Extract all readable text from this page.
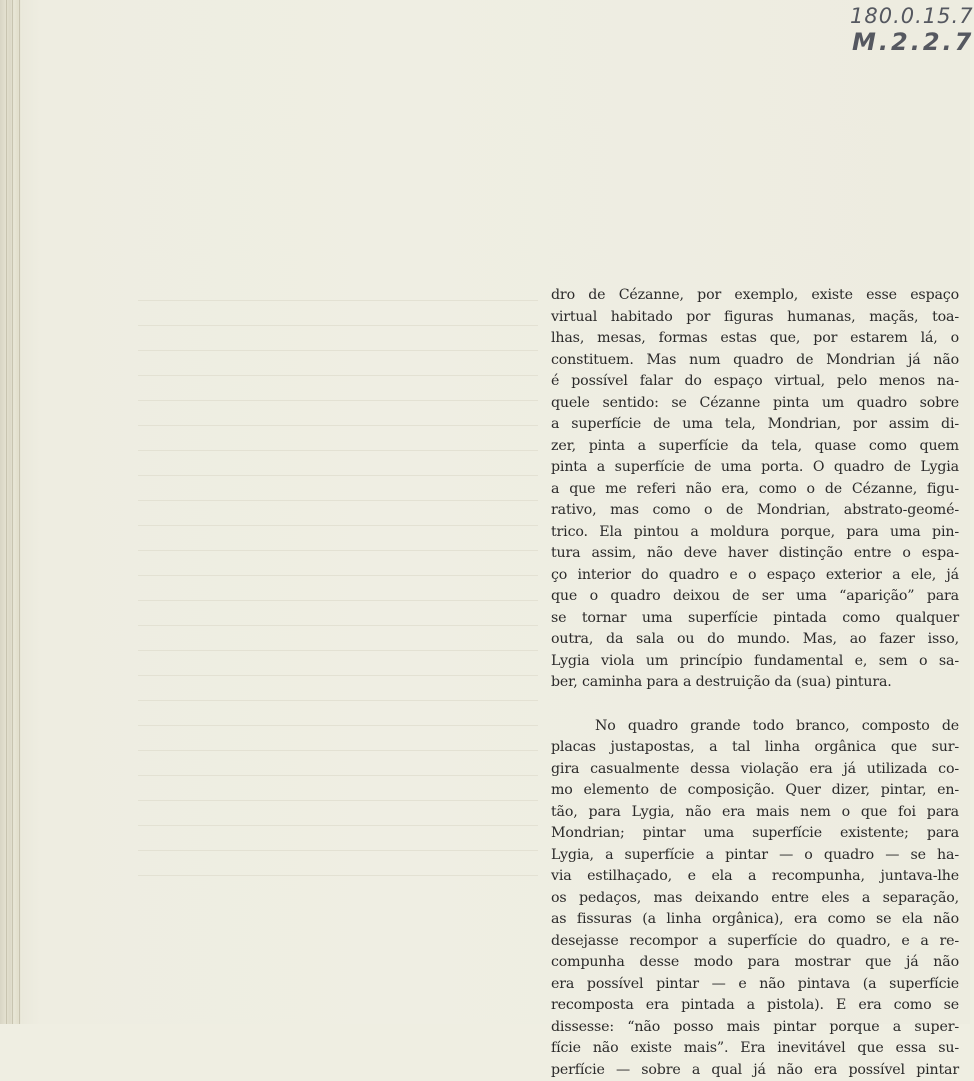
180.0.15.7
M.2.2.7
dro de Cézanne, por exemplo, existe esse espaço
virtual habitado por figuras humanas, maçãs, toa-
lhas, mesas, formas estas que, por estarem lá, o
constituem. Mas num quadro de Mondrian já não
é possível falar do espaço virtual, pelo menos na-
quele sentido: se Cézanne pinta um quadro sobre
a superfície de uma tela, Mondrian, por assim di-
zer, pinta a superfície da tela, quase como quem
pinta a superfície de uma porta. O quadro de Lygia
a que me referi não era, como o de Cézanne, figu-
rativo, mas como o de Mondrian, abstrato-geomé-
trico. Ela pintou a moldura porque, para uma pin-
tura assim, não deve haver distinção entre o espa-
ço interior do quadro e o espaço exterior a ele, já
que o quadro deixou de ser uma “aparição” para
se tornar uma superfície pintada como qualquer
outra, da sala ou do mundo. Mas, ao fazer isso,
Lygia viola um princípio fundamental e, sem o sa-
ber, caminha para a destruição da (sua) pintura.
No quadro grande todo branco, composto de
placas justapostas, a tal linha orgânica que sur-
gira casualmente dessa violação era já utilizada co-
mo elemento de composição. Quer dizer, pintar, en-
tão, para Lygia, não era mais nem o que foi para
Mondrian; pintar uma superfície existente; para
Lygia, a superfície a pintar — o quadro — se ha-
via estilhaçado, e ela a recompunha, juntava-lhe
os pedaços, mas deixando entre eles a separação,
as fissuras (a linha orgânica), era como se ela não
desejasse recompor a superfície do quadro, e a re-
compunha desse modo para mostrar que já não
era possível pintar — e não pintava (a superfície
recomposta era pintada a pistola). E era como se
dissesse: “não posso mais pintar porque a super-
fície não existe mais”. Era inevitável que essa su-
perfície — sobre a qual já não era possível pintar
